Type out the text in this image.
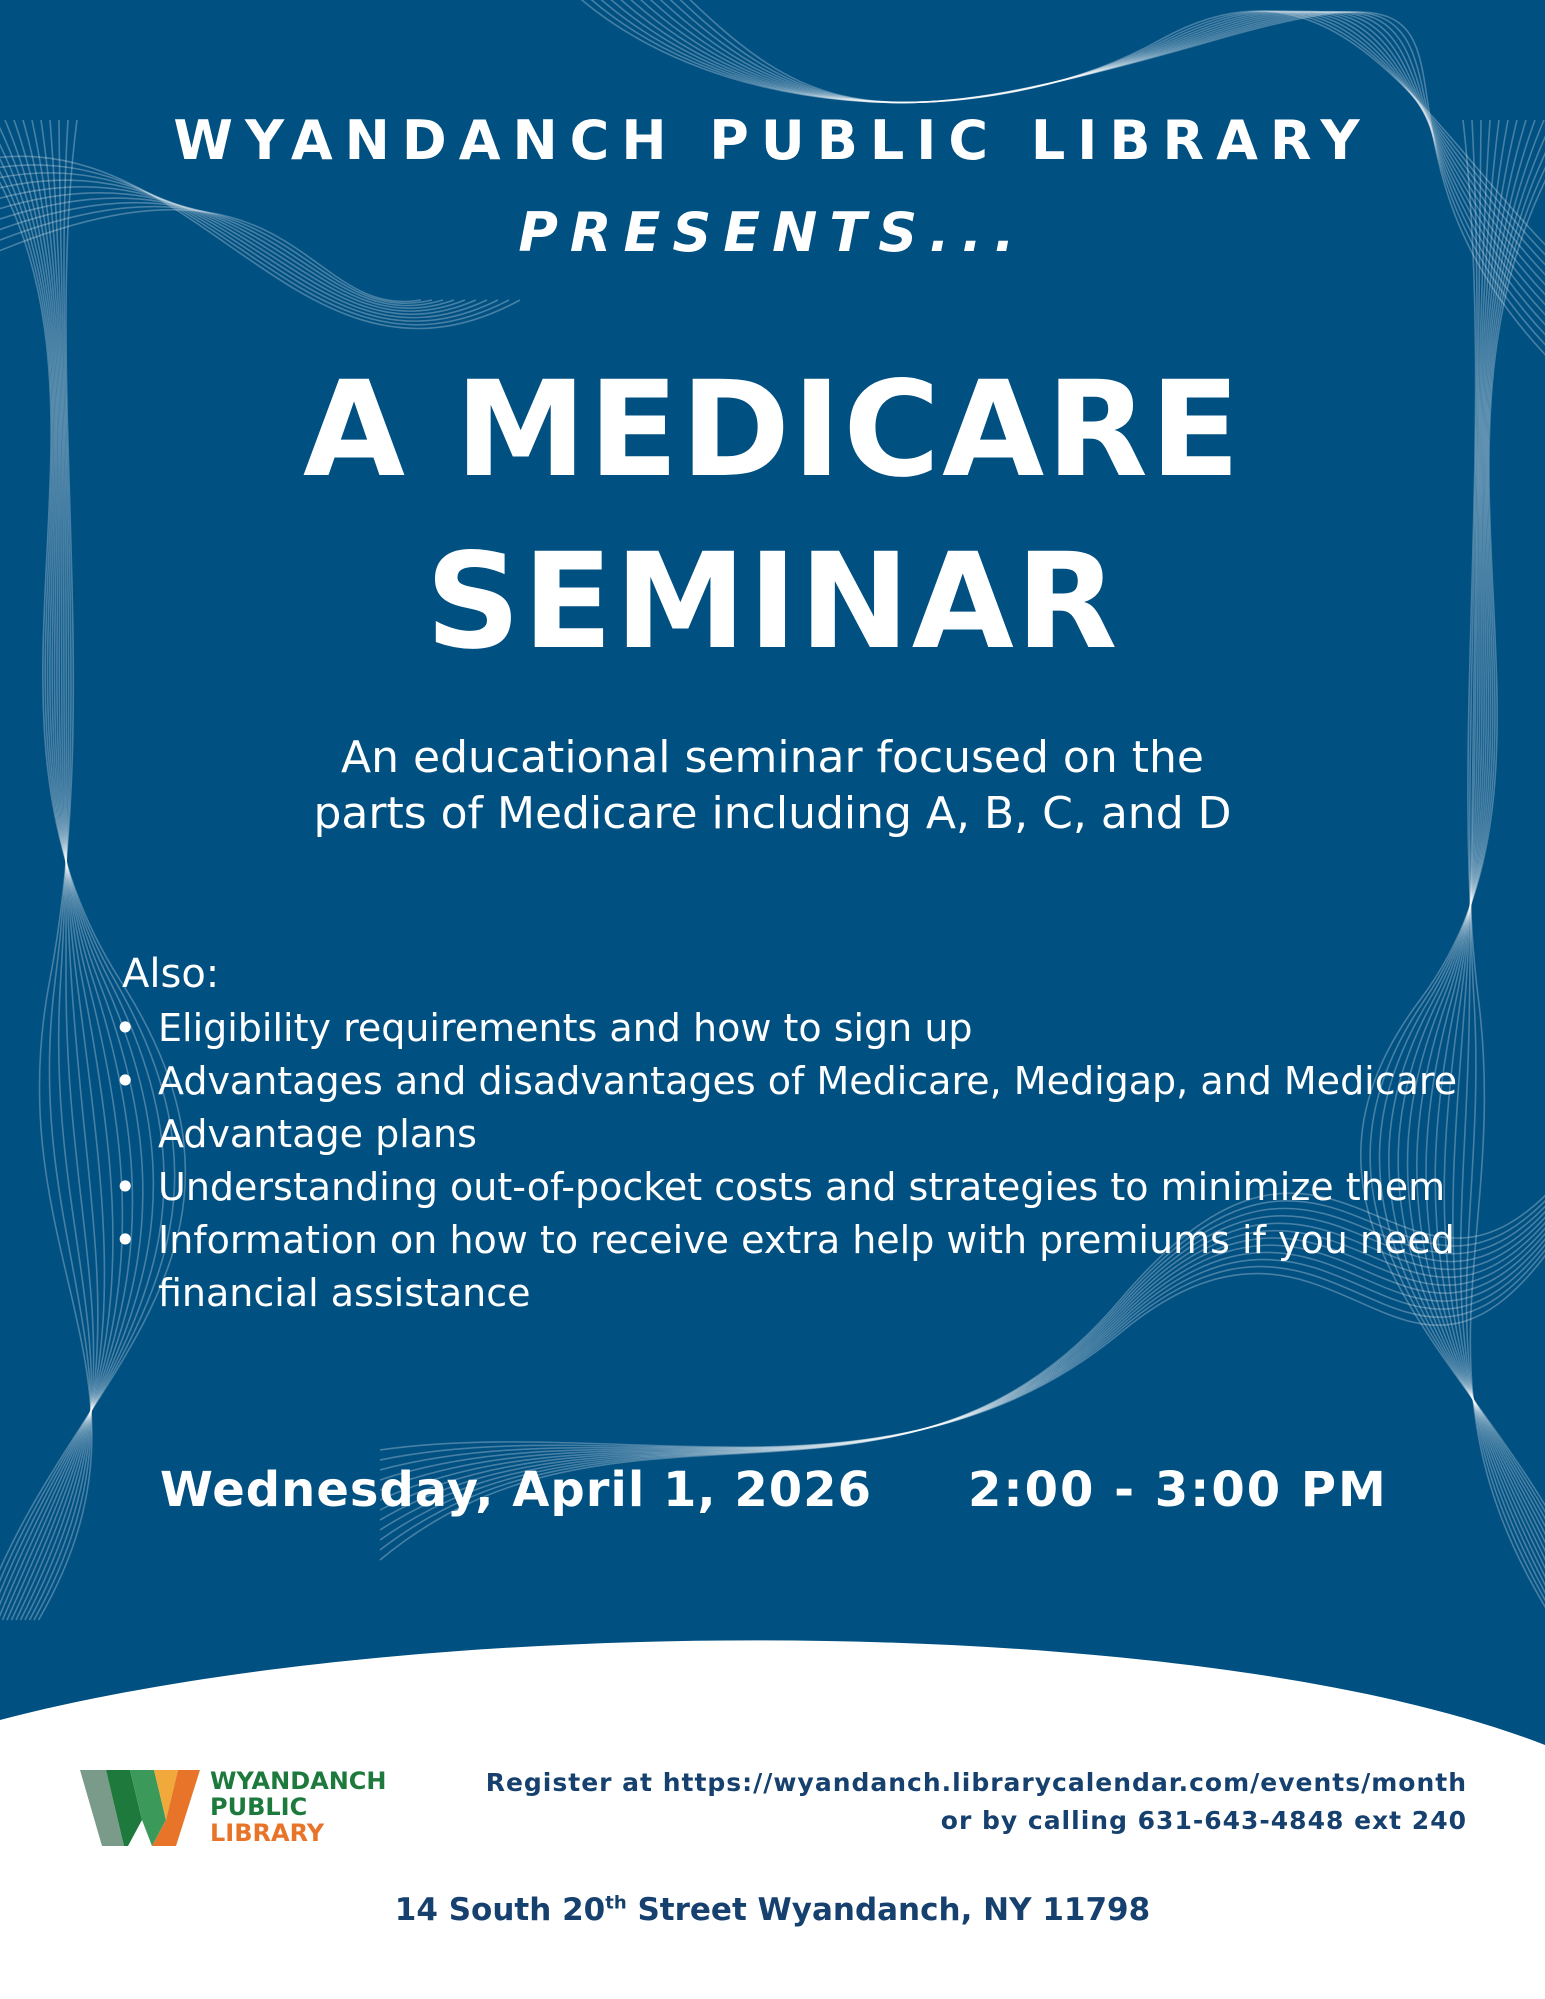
WYANDANCH PUBLIC LIBRARY
PRESENTS...
A MEDICARE
SEMINAR
An educational seminar focused on the
parts of Medicare including A, B, C, and D
Also:
• Eligibility requirements and how to sign up
• Advantages and disadvantages of Medicare, Medigap, and Medicare Advantage plans
• Understanding out-of-pocket costs and strategies to minimize them
• Information on how to receive extra help with premiums if you need financial assistance
Wednesday, April 1, 2026 2:00 - 3:00 PM
WYANDANCH
PUBLIC
LIBRARY
Register at https://wyandanch.librarycalendar.com/events/month
or by calling 631-643-4848 ext 240
14 South 20th Street Wyandanch, NY 11798
